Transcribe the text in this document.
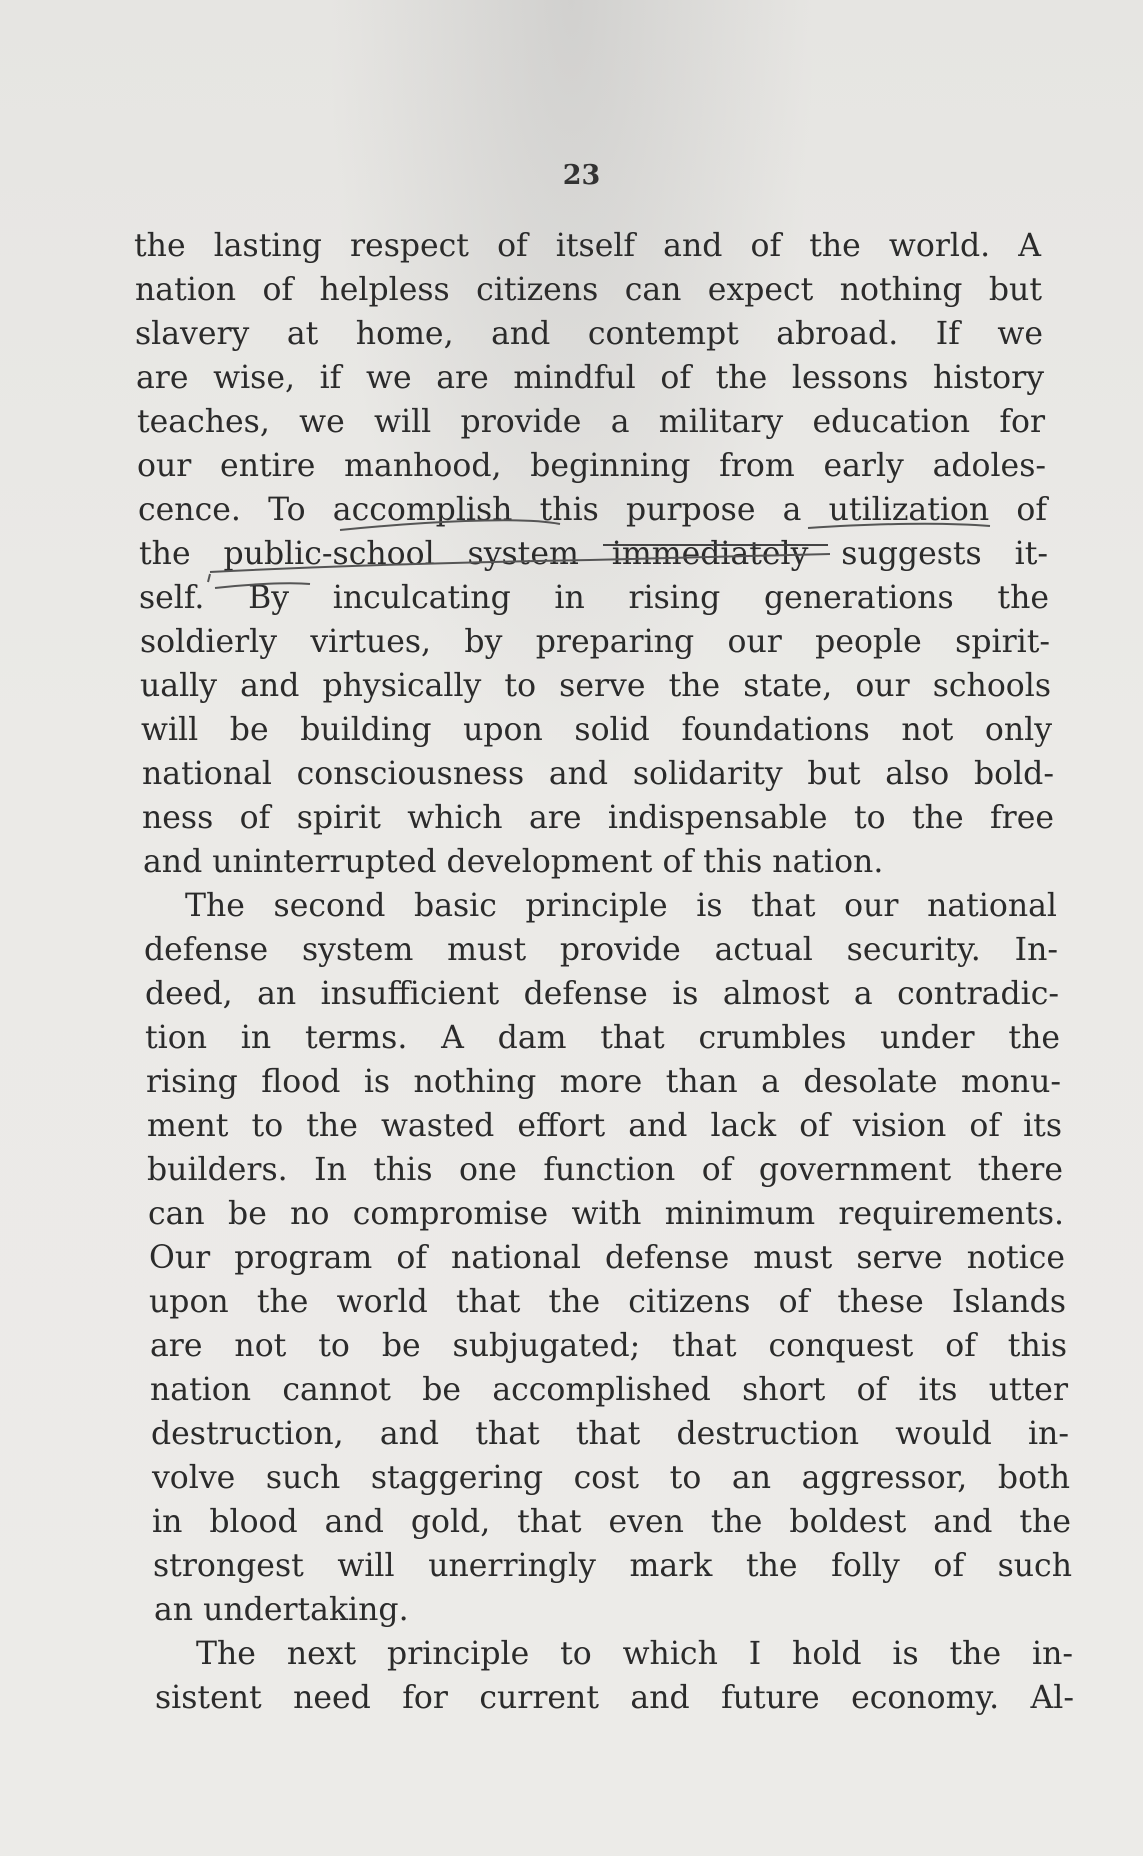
23
the lasting respect of itself and of the world. A
nation of helpless citizens can expect nothing but
slavery at home, and contempt abroad. If we
are wise, if we are mindful of the lessons history
teaches, we will provide a military education for
our entire manhood, beginning from early adoles-
cence. To accomplish this purpose a utilization of
the public-school system immediately suggests it-
self. By inculcating in rising generations the
soldierly virtues, by preparing our people spirit-
ually and physically to serve the state, our schools
will be building upon solid foundations not only
national consciousness and solidarity but also bold-
ness of spirit which are indispensable to the free
and uninterrupted development of this nation.
The second basic principle is that our national
defense system must provide actual security. In-
deed, an insufficient defense is almost a contradic-
tion in terms. A dam that crumbles under the
rising flood is nothing more than a desolate monu-
ment to the wasted effort and lack of vision of its
builders. In this one function of government there
can be no compromise with minimum requirements.
Our program of national defense must serve notice
upon the world that the citizens of these Islands
are not to be subjugated; that conquest of this
nation cannot be accomplished short of its utter
destruction, and that that destruction would in-
volve such staggering cost to an aggressor, both
in blood and gold, that even the boldest and the
strongest will unerringly mark the folly of such
an undertaking.
The next principle to which I hold is the in-
sistent need for current and future economy. Al-
